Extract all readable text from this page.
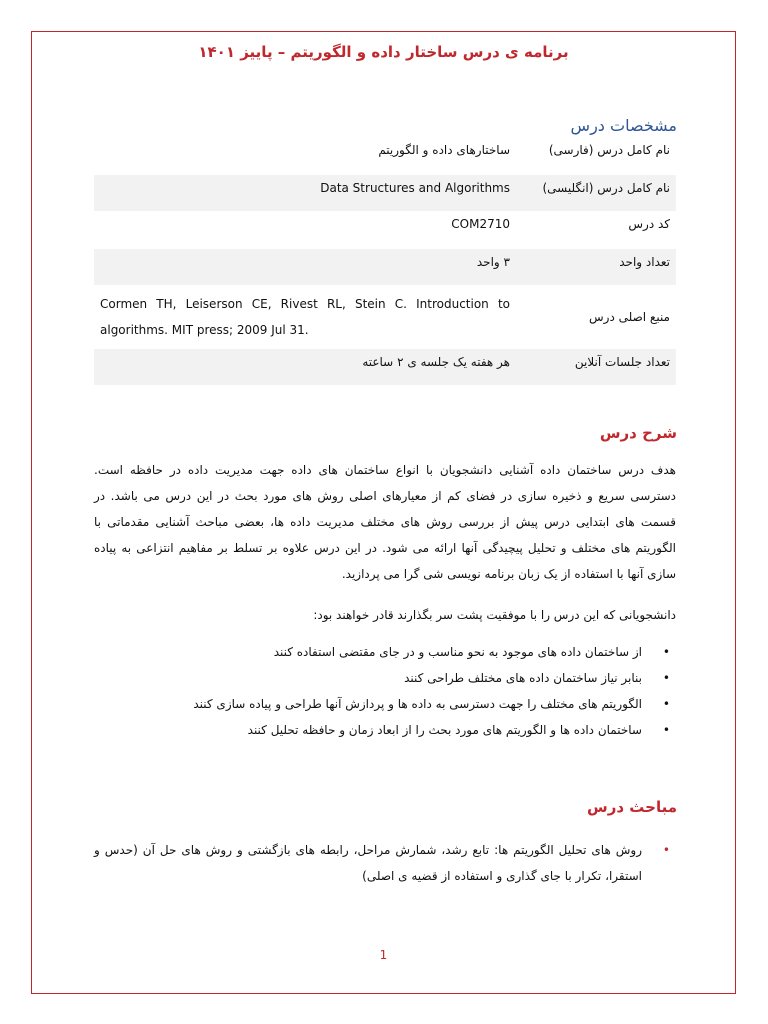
برنامه ی درس ساختار داده و الگوریتم – پاییز ۱۴۰۱
مشخصات درس
ساختارهای داده و الگوریتم	نام کامل درس (فارسی)
Data Structures and Algorithms	نام کامل درس (انگلیسی)
COM2710	کد درس
۳ واحد	تعداد واحد
Cormen TH, Leiserson CE, Rivest RL, Stein C. Introduction to algorithms. MIT press; 2009 Jul 31.	منبع اصلی درس
هر هفته یک جلسه ی ۲ ساعته	تعداد جلسات آنلاین
شرح درس
هدف درس ساختمان داده آشنایی دانشجویان با انواع ساختمان های داده جهت مدیریت داده در حافظه است. دسترسی سریع و ذخیره سازی در فضای کم از معیارهای اصلی روش های مورد بحث در این درس می باشد. در قسمت های ابتدایی درس پیش از بررسی روش های مختلف مدیریت داده ها، بعضی مباحث آشنایی مقدماتی با الگوریتم های مختلف و تحلیل پیچیدگی آنها ارائه می شود. در این درس علاوه بر تسلط بر مفاهیم انتزاعی به پیاده سازی آنها با استفاده از یک زبان برنامه نویسی شی گرا می پردازید.
دانشجویانی که این درس را با موفقیت پشت سر بگذارند قادر خواهند بود:
•
از ساختمان داده های موجود به نحو مناسب و در جای مقتضی استفاده کنند
•
بنابر نیاز ساختمان داده های مختلف طراحی کنند
•
الگوریتم های مختلف را جهت دسترسی به داده ها و پردازش آنها طراحی و پیاده سازی کنند
•
ساختمان داده ها و الگوریتم های مورد بحث را از ابعاد زمان و حافظه تحلیل کنند
مباحث درس
•
روش های تحلیل الگوریتم ها: تابع رشد، شمارش مراحل، رابطه های بازگشتی و روش های حل آن (حدس و استقرا، تکرار با جای گذاری و استفاده از قضیه ی اصلی)
1
